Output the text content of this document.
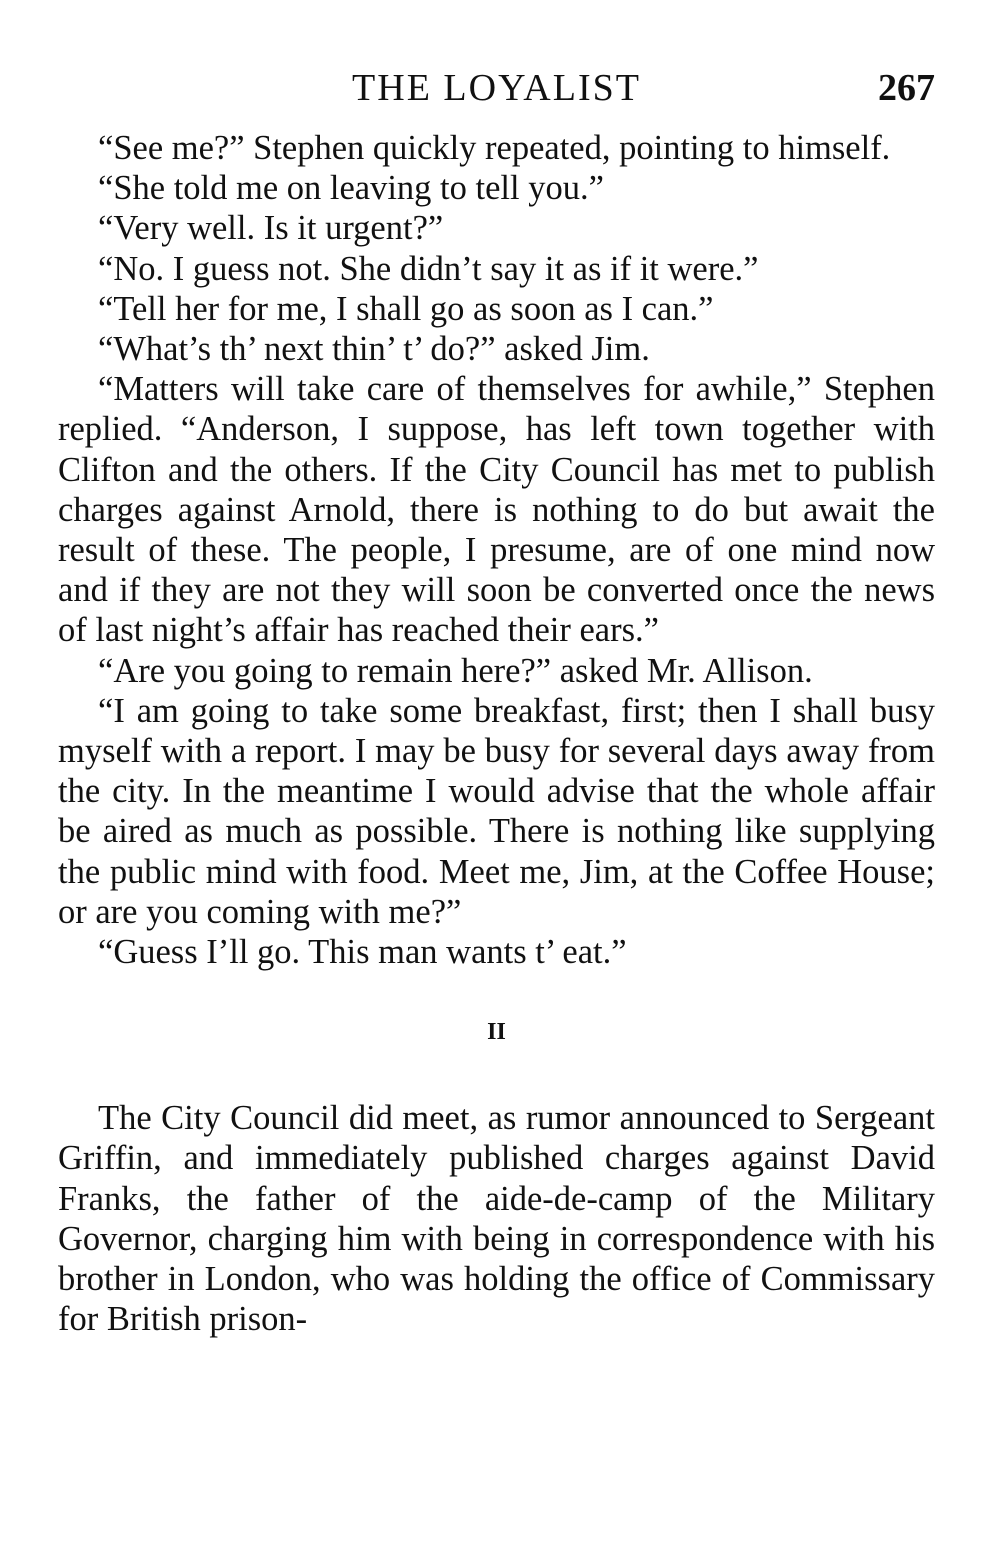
THE LOYALIST	267

“See me?” Stephen quickly repeated, pointing to himself.

“She told me on leaving to tell you.”

“Very well. Is it urgent?”

“No. I guess not. She didn’t say it as if it were.”

“Tell her for me, I shall go as soon as I can.”

“What’s th’ next thin’ t’ do?” asked Jim.

“Matters will take care of themselves for awhile,” Stephen replied. “Anderson, I suppose, has left town together with Clifton and the others. If the City Council has met to publish charges against Arnold, there is nothing to do but await the result of these. The people, I presume, are of one mind now and if they are not they will soon be converted once the news of last night’s affair has reached their ears.”

“Are you going to remain here?” asked Mr. Allison.

“I am going to take some breakfast, first; then I shall busy myself with a report. I may be busy for several days away from the city. In the meantime I would advise that the whole affair be aired as much as possible. There is nothing like supplying the public mind with food. Meet me, Jim, at the Coffee House; or are you coming with me?”

“Guess I’ll go. This man wants t’ eat.”

II

The City Council did meet, as rumor announced to Sergeant Griffin, and immediately published charges against David Franks, the father of the aide-de-camp of the Military Governor, charging him with being in correspondence with his brother in London, who was holding the office of Commissary for British prison-
